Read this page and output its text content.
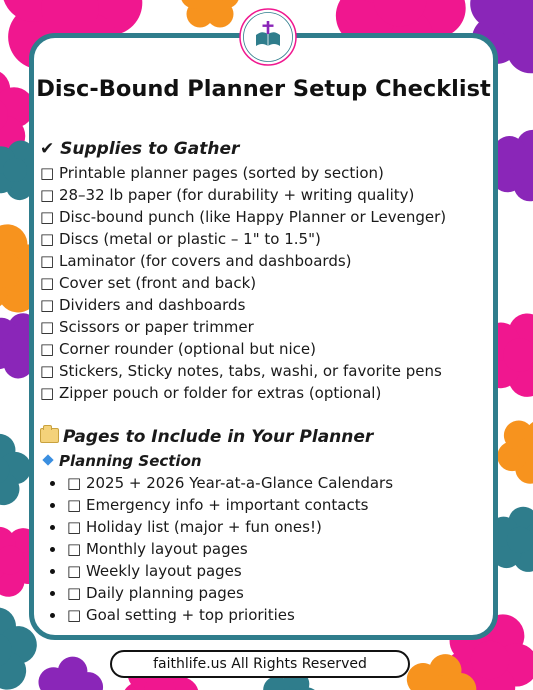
Disc-Bound Planner Setup Checklist
✔ Supplies to Gather
□ Printable planner pages (sorted by section)
□ 28–32 lb paper (for durability + writing quality)
□ Disc-bound punch (like Happy Planner or Levenger)
□ Discs (metal or plastic – 1" to 1.5")
□ Laminator (for covers and dashboards)
□ Cover set (front and back)
□ Dividers and dashboards
□ Scissors or paper trimmer
□ Corner rounder (optional but nice)
□ Stickers, Sticky notes, tabs, washi, or favorite pens
□ Zipper pouch or folder for extras (optional)
Pages to Include in Your Planner
Planning Section
□ 2025 + 2026 Year-at-a-Glance Calendars
□ Emergency info + important contacts
□ Holiday list (major + fun ones!)
□ Monthly layout pages
□ Weekly layout pages
□ Daily planning pages
□ Goal setting + top priorities
faithlife.us All Rights Reserved
